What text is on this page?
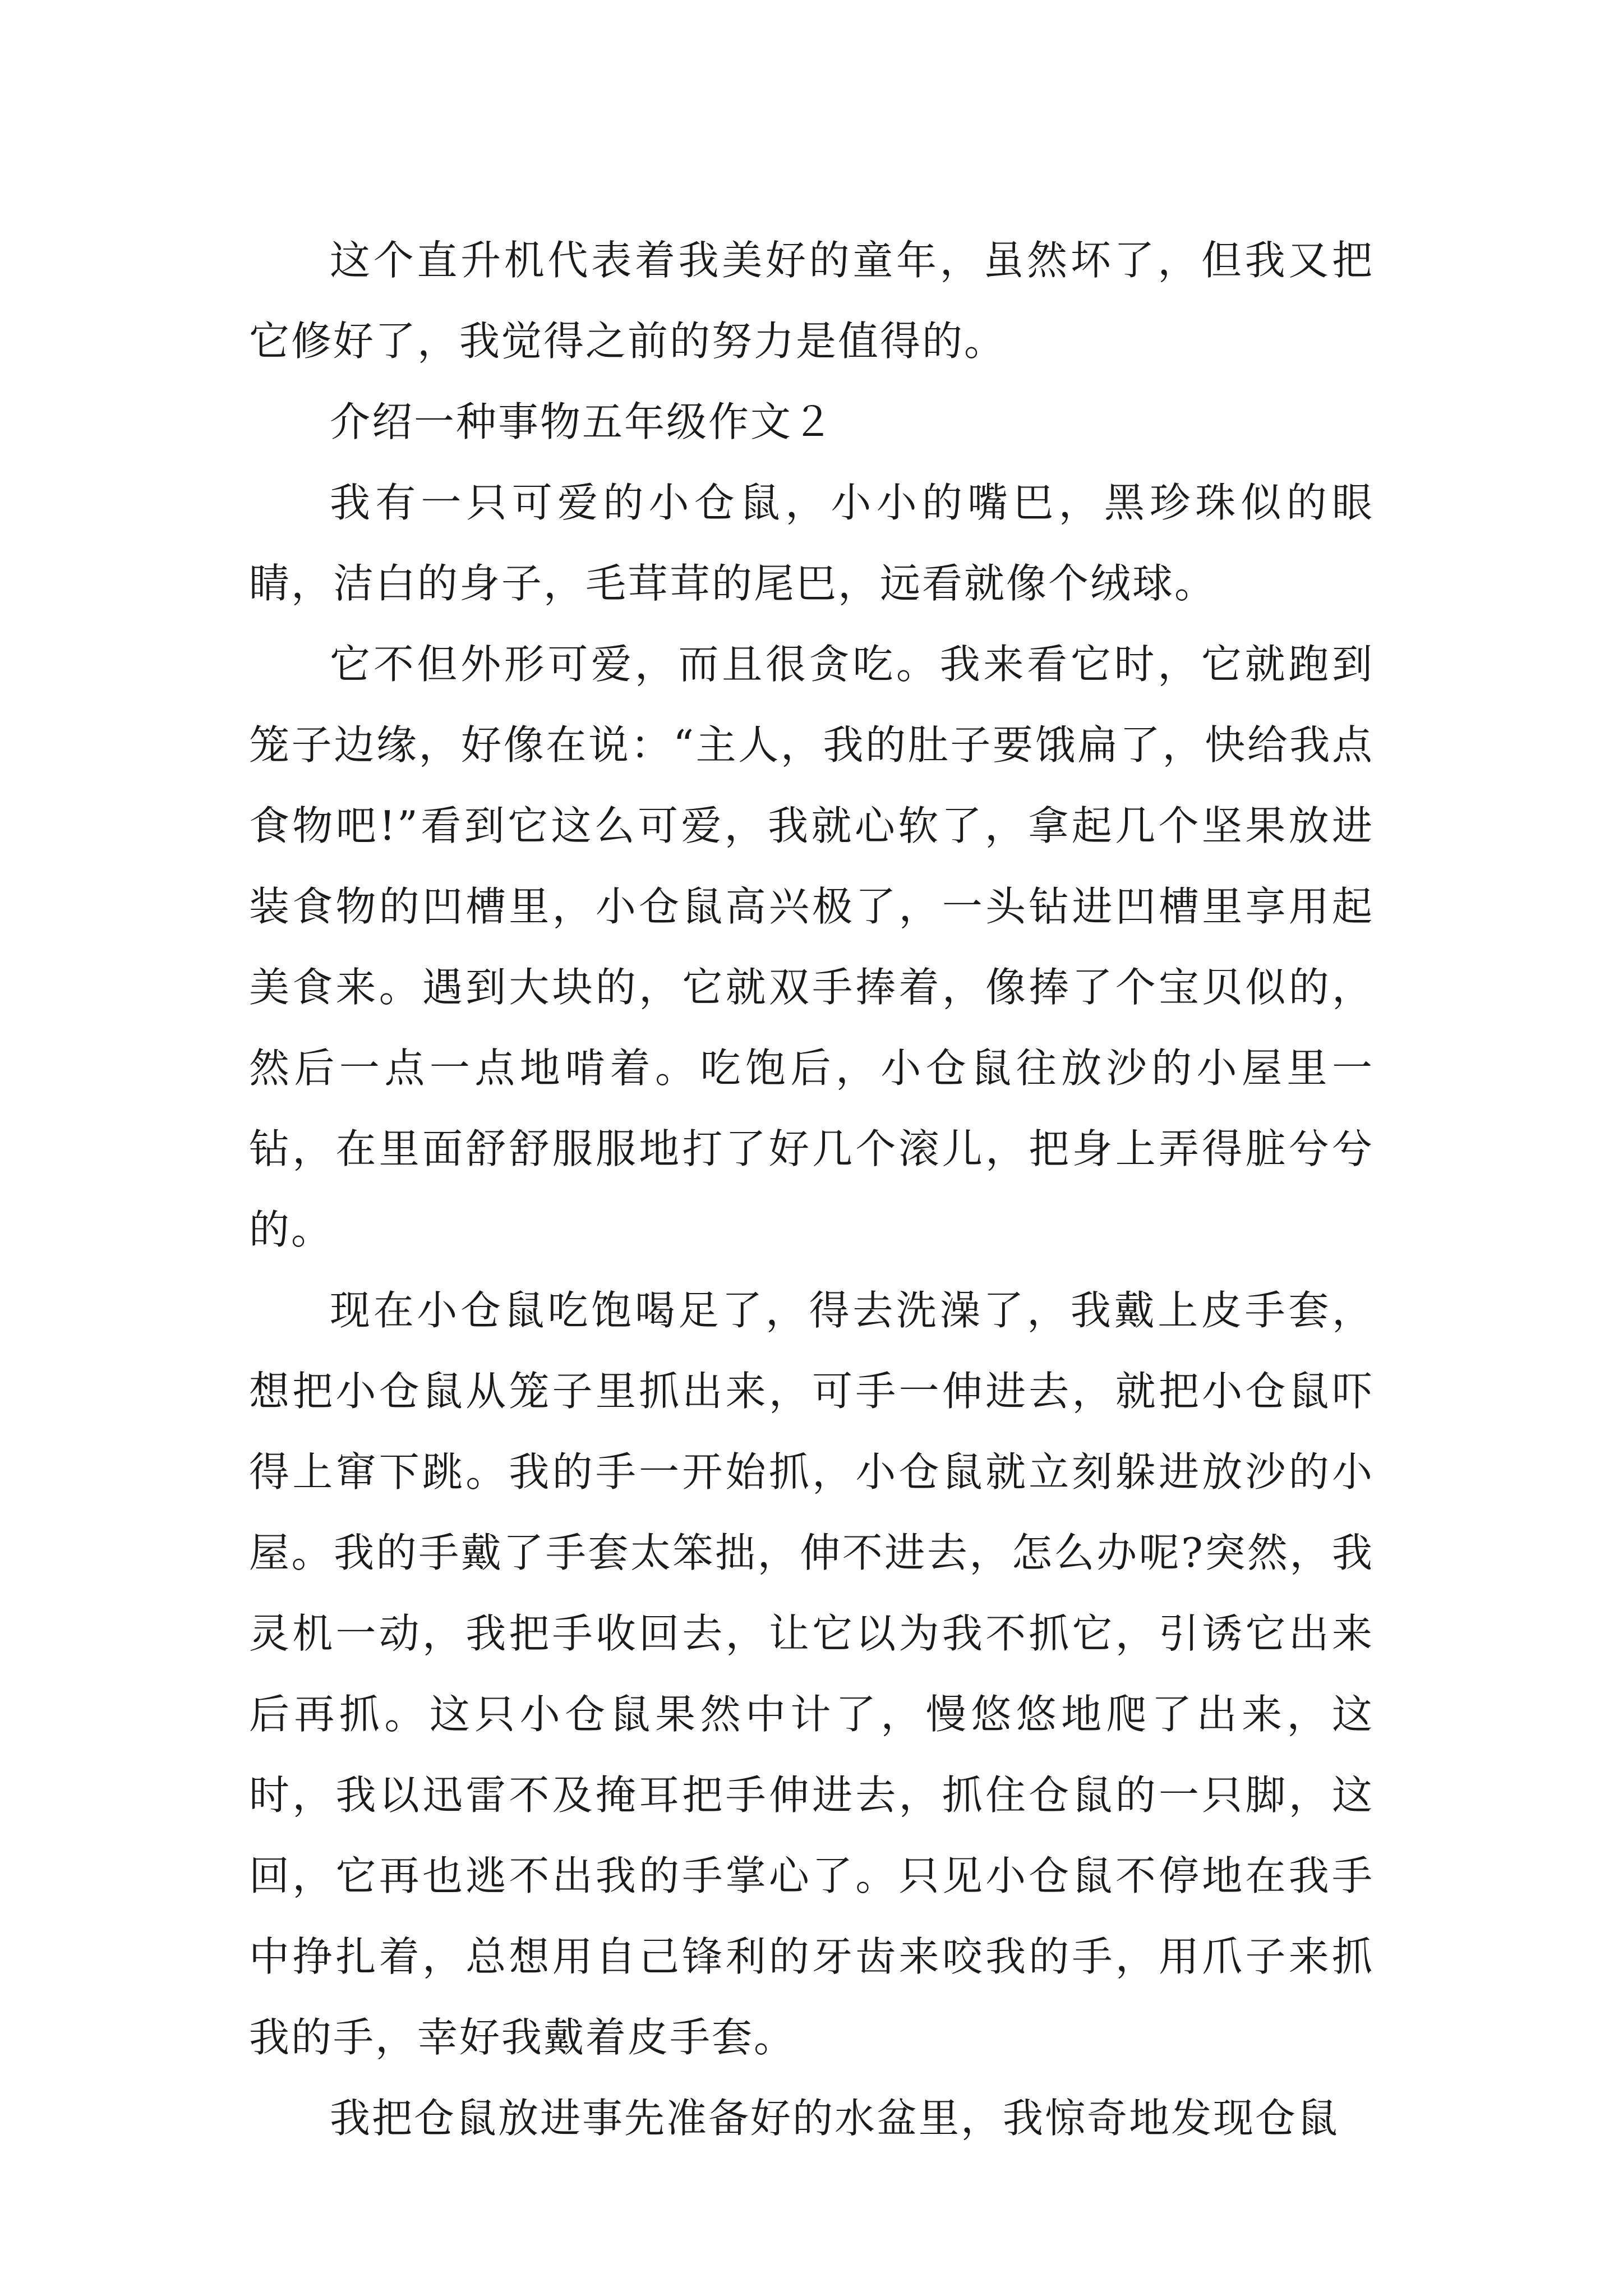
这个直升机代表着我美好的童年，虽然坏了，但我又把它修好了，我觉得之前的努力是值得的。

介绍一种事物五年级作文２

我有一只可爱的小仓鼠，小小的嘴巴，黑珍珠似的眼睛，洁白的身子，毛茸茸的尾巴，远看就像个绒球。

它不但外形可爱，而且很贪吃。我来看它时，它就跑到笼子边缘，好像在说：“主人，我的肚子要饿扁了，快给我点食物吧!”看到它这么可爱，我就心软了，拿起几个坚果放进装食物的凹槽里，小仓鼠高兴极了，一头钻进凹槽里享用起美食来。遇到大块的，它就双手捧着，像捧了个宝贝似的，然后一点一点地啃着。吃饱后，小仓鼠往放沙的小屋里一钻，在里面舒舒服服地打了好几个滚儿，把身上弄得脏兮兮的。

现在小仓鼠吃饱喝足了，得去洗澡了，我戴上皮手套，想把小仓鼠从笼子里抓出来，可手一伸进去，就把小仓鼠吓得上窜下跳。我的手一开始抓，小仓鼠就立刻躲进放沙的小屋。我的手戴了手套太笨拙，伸不进去，怎么办呢?突然，我灵机一动，我把手收回去，让它以为我不抓它，引诱它出来后再抓。这只小仓鼠果然中计了，慢悠悠地爬了出来，这时，我以迅雷不及掩耳把手伸进去，抓住仓鼠的一只脚，这回，它再也逃不出我的手掌心了。只见小仓鼠不停地在我手中挣扎着，总想用自己锋利的牙齿来咬我的手，用爪子来抓我的手，幸好我戴着皮手套。

我把仓鼠放进事先准备好的水盆里，我惊奇地发现仓鼠
